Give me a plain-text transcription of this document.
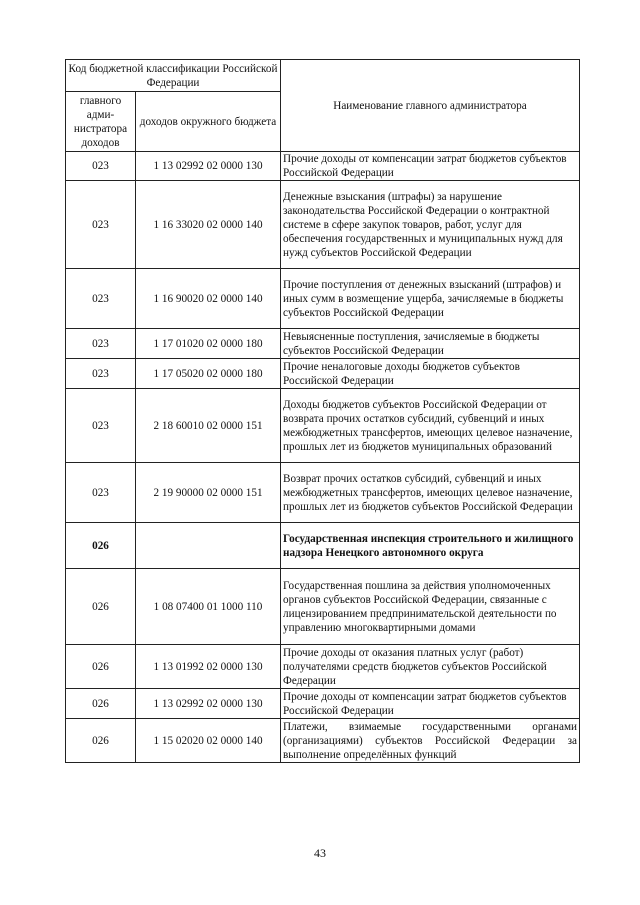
Код бюджетной классификации Российской Федерации		Наименование главного администратора
главного адми-нистратора доходов	доходов окружного бюджета	
023	1 13 02992 02 0000 130	Прочие доходы от компенсации затрат бюджетов субъектов Российской Федерации
023	1 16 33020 02 0000 140	Денежные взыскания (штрафы) за нарушение законодательства Российской Федерации о контрактной системе в сфере закупок товаров, работ, услуг для обеспечения государственных и муниципальных нужд для нужд субъектов Российской Федерации
023	1 16 90020 02 0000 140	Прочие поступления от денежных взысканий (штрафов) и иных сумм в возмещение ущерба, зачисляемые в бюджеты субъектов Российской Федерации
023	1 17 01020 02 0000 180	Невыясненные поступления, зачисляемые в бюджеты субъектов Российской Федерации
023	1 17 05020 02 0000 180	Прочие неналоговые доходы бюджетов субъектов Российской Федерации
023	2 18 60010 02 0000 151	Доходы бюджетов субъектов Российской Федерации от возврата прочих остатков субсидий, субвенций и иных межбюджетных трансфертов, имеющих целевое назначение, прошлых лет из бюджетов муниципальных образований
023	2 19 90000 02 0000 151	Возврат прочих остатков субсидий, субвенций и иных межбюджетных трансфертов, имеющих целевое назначение, прошлых лет из бюджетов субъектов Российской Федерации
026		Государственная инспекция строительного и жилищного надзора Ненецкого автономного округа
026	1 08 07400 01 1000 110	Государственная пошлина за действия уполномоченных органов субъектов Российской Федерации, связанные с лицензированием предпринимательской деятельности по управлению многоквартирными домами
026	1 13 01992 02 0000 130	Прочие доходы от оказания платных услуг (работ) получателями средств бюджетов субъектов Российской Федерации
026	1 13 02992 02 0000 130	Прочие доходы от компенсации затрат бюджетов субъектов Российской Федерации
026	1 15 02020 02 0000 140	Платежи, взимаемые государственными органами (организациями) субъектов Российской Федерации за выполнение определённых функций
43
